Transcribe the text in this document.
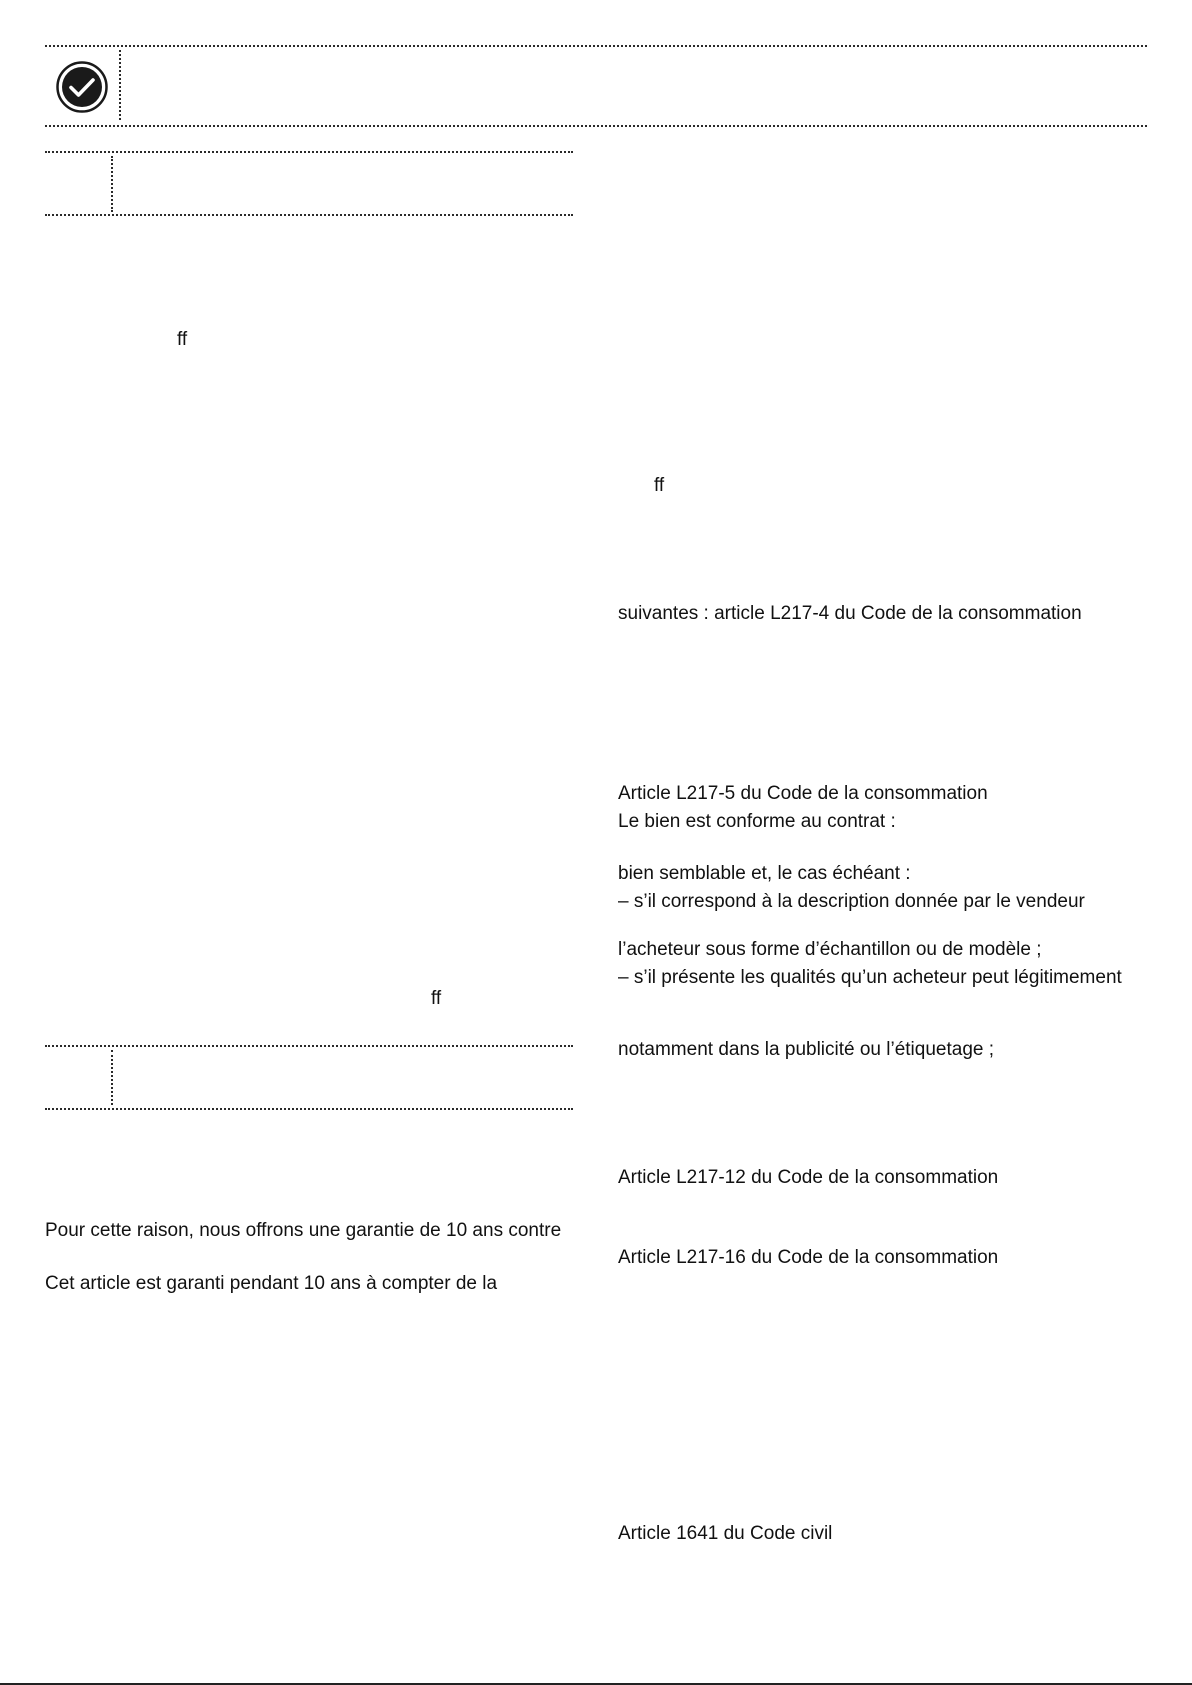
ff
ff
Pour cette raison, nous offrons une garantie de 10 ans contre
Cet article est garanti pendant 10 ans à compter de la
ff
suivantes : article L217-4 du Code de la consommation
Article L217-5 du Code de la consommation
Le bien est conforme au contrat :
bien semblable et, le cas échéant :
– s’il correspond à la description donnée par le vendeur
l’acheteur sous forme d’échantillon ou de modèle ;
– s’il présente les qualités qu’un acheteur peut légitimement
notamment dans la publicité ou l’étiquetage ;
Article L217-12 du Code de la consommation
Article L217-16 du Code de la consommation
Article 1641 du Code civil
